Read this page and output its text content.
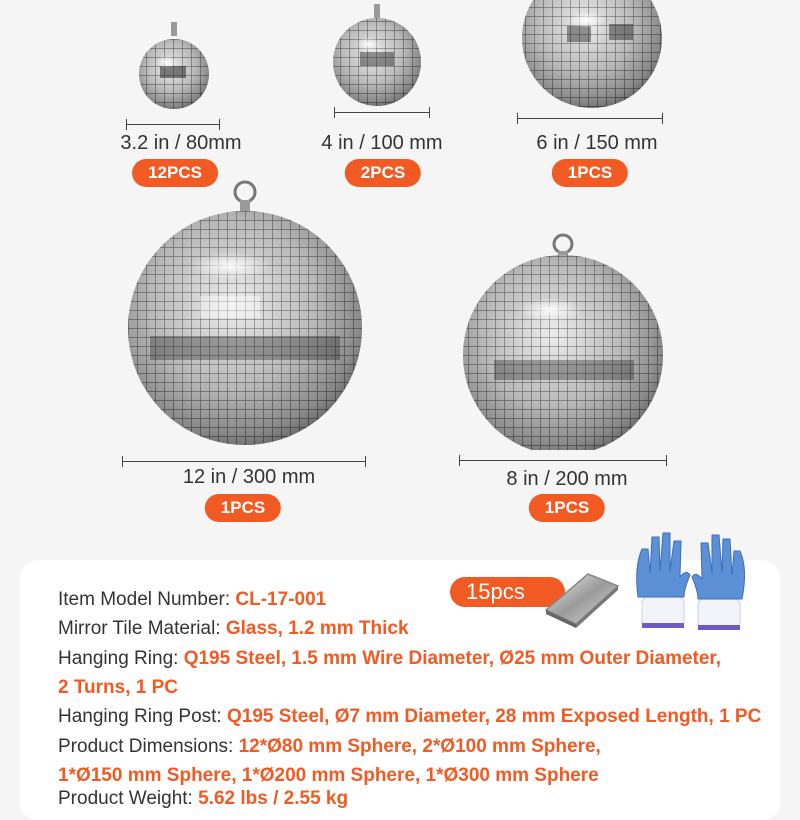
3.2 in / 80mm
12PCS
4 in / 100 mm
2PCS
6 in / 150 mm
1PCS
12 in / 300 mm
1PCS
8 in / 200 mm
1PCS
15pcs
Item Model Number: CL-17-001
Mirror Tile Material: Glass, 1.2 mm Thick
Hanging Ring: Q195 Steel, 1.5 mm Wire Diameter, Ø25 mm Outer Diameter,
2 Turns, 1 PC
Hanging Ring Post: Q195 Steel, Ø7 mm Diameter, 28 mm Exposed Length, 1 PC
Product Dimensions: 12*Ø80 mm Sphere, 2*Ø100 mm Sphere,
1*Ø150 mm Sphere, 1*Ø200 mm Sphere, 1*Ø300 mm Sphere
Product Weight: 5.62 lbs / 2.55 kg
